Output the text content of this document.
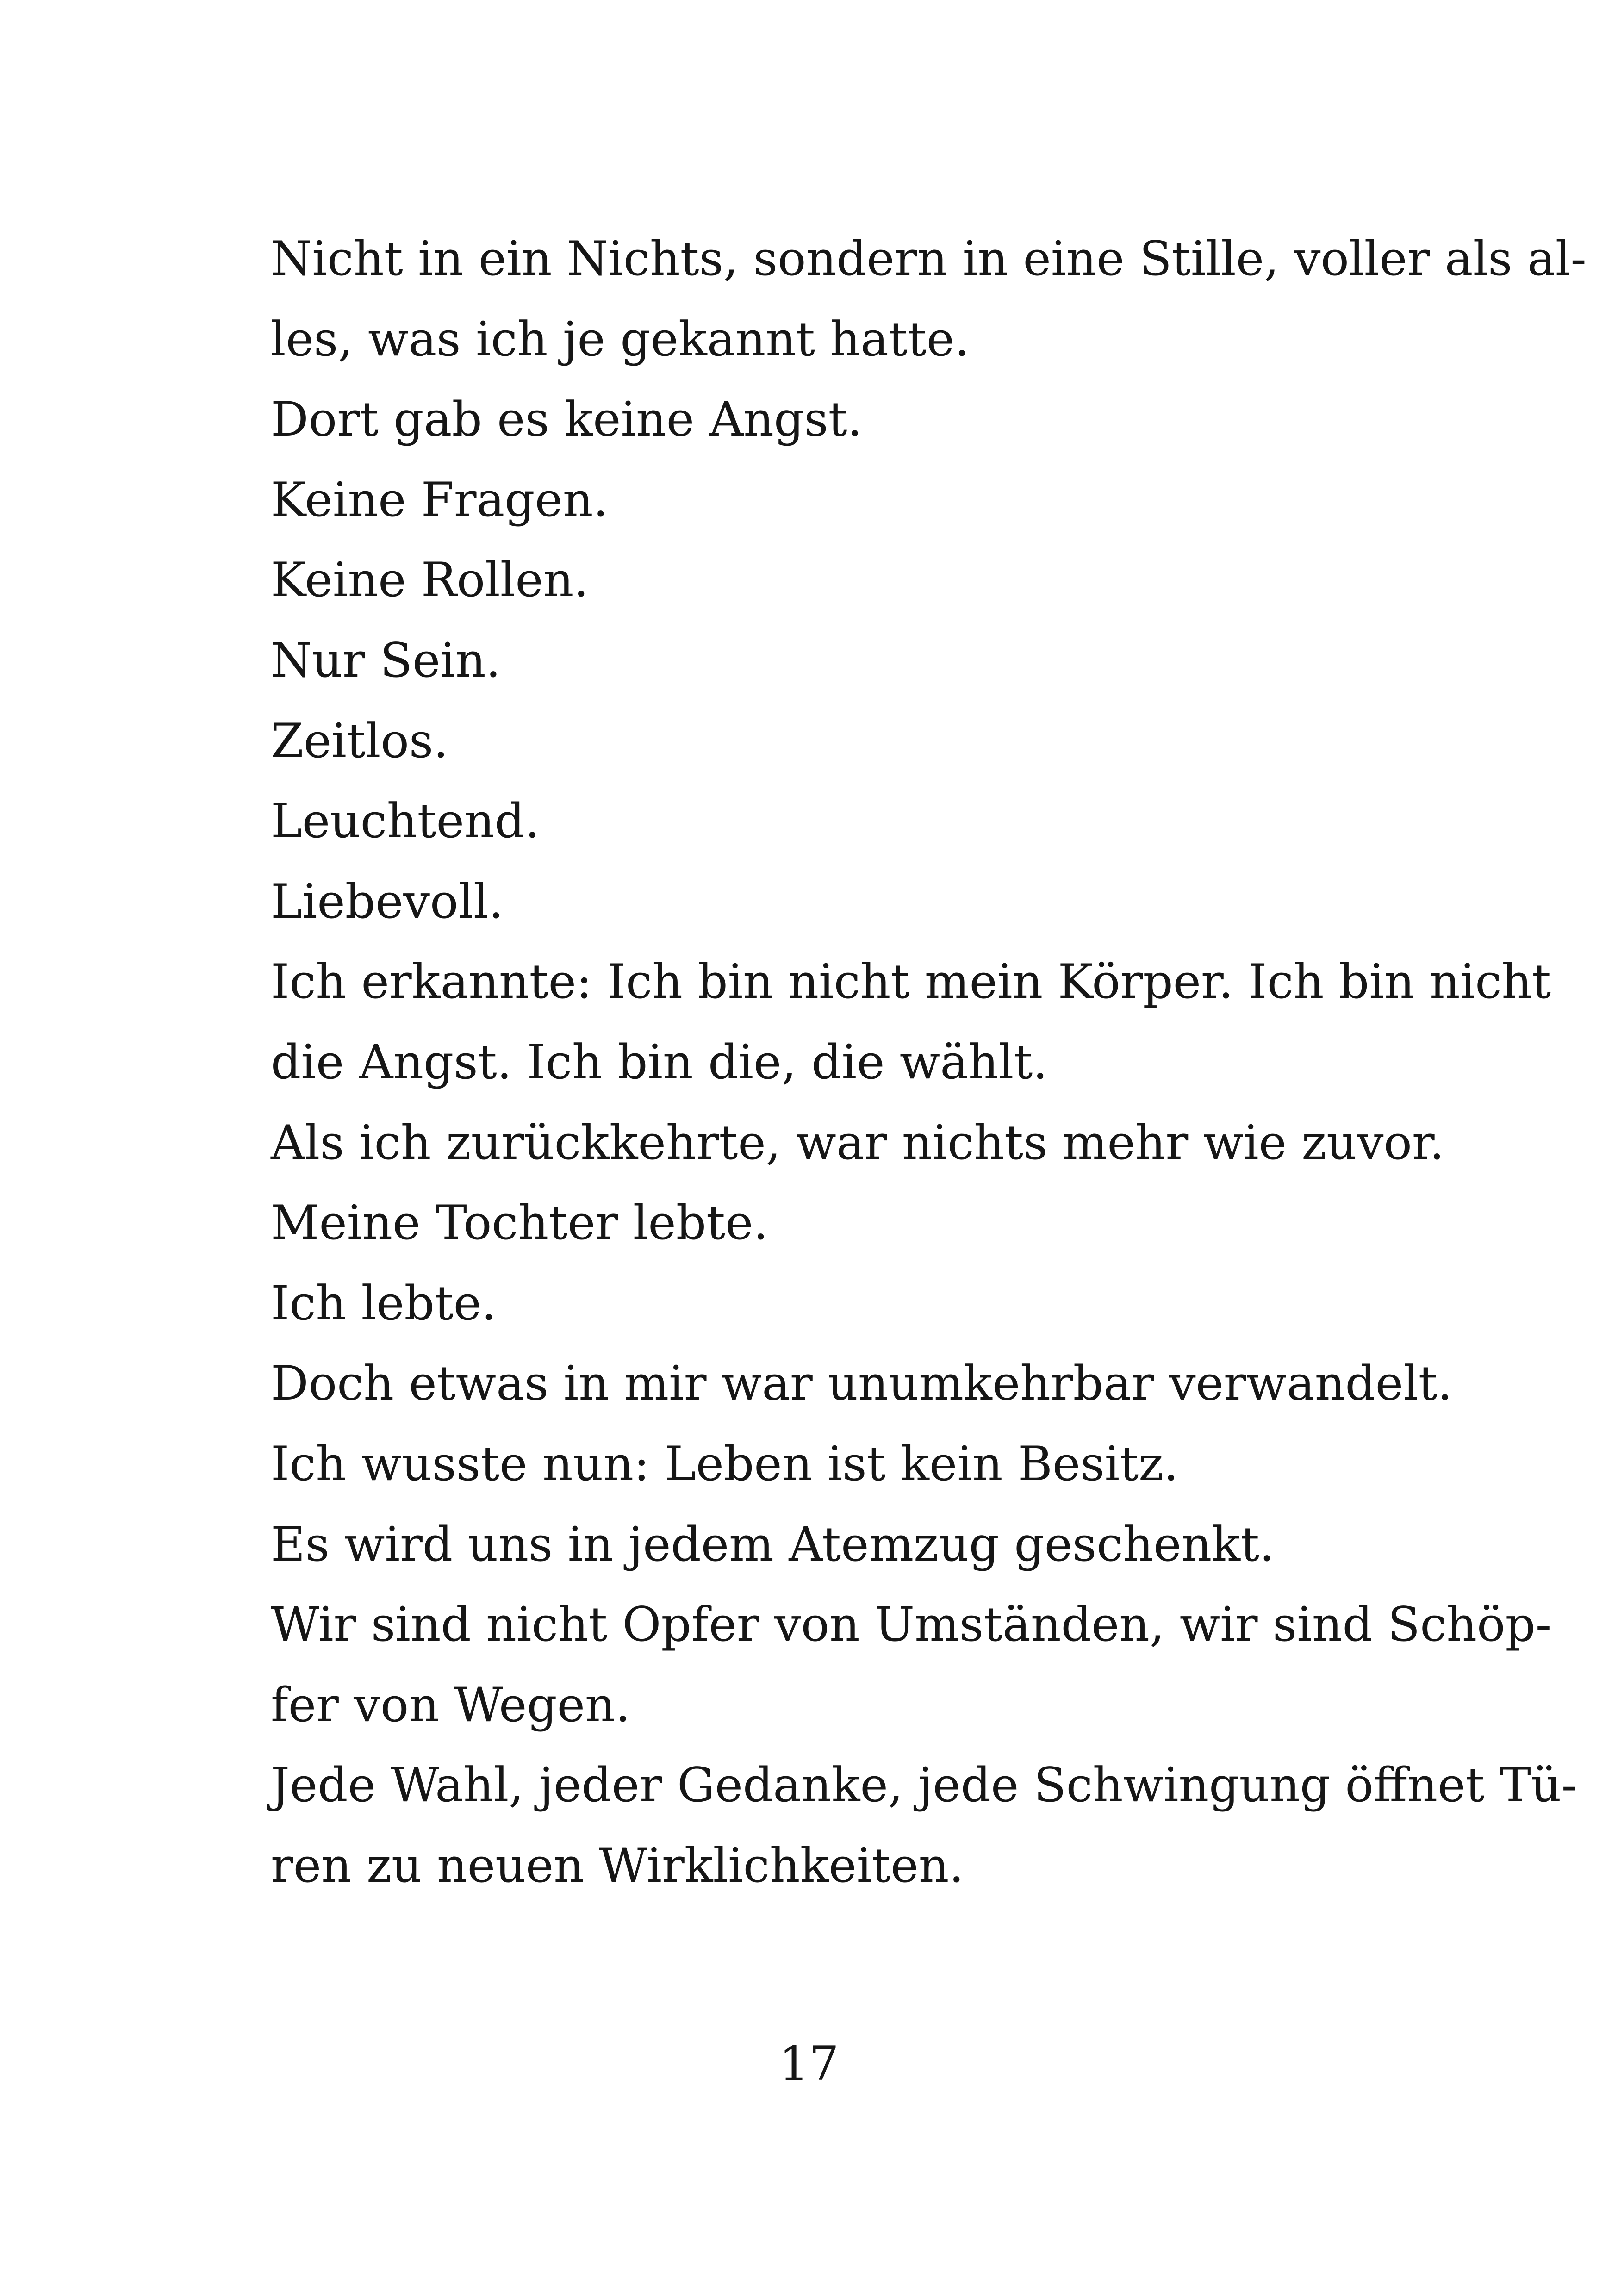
Nicht in ein Nichts, sondern in eine Stille, voller als al-
les, was ich je gekannt hatte.
Dort gab es keine Angst.
Keine Fragen.
Keine Rollen.
Nur Sein.
Zeitlos.
Leuchtend.
Liebevoll.
Ich erkannte: Ich bin nicht mein Körper. Ich bin nicht
die Angst. Ich bin die, die wählt.
Als ich zurückkehrte, war nichts mehr wie zuvor.
Meine Tochter lebte.
Ich lebte.
Doch etwas in mir war unumkehrbar verwandelt.
Ich wusste nun: Leben ist kein Besitz.
Es wird uns in jedem Atemzug geschenkt.
Wir sind nicht Opfer von Umständen, wir sind Schöp-
fer von Wegen.
Jede Wahl, jeder Gedanke, jede Schwingung öffnet Tü-
ren zu neuen Wirklichkeiten.
17
